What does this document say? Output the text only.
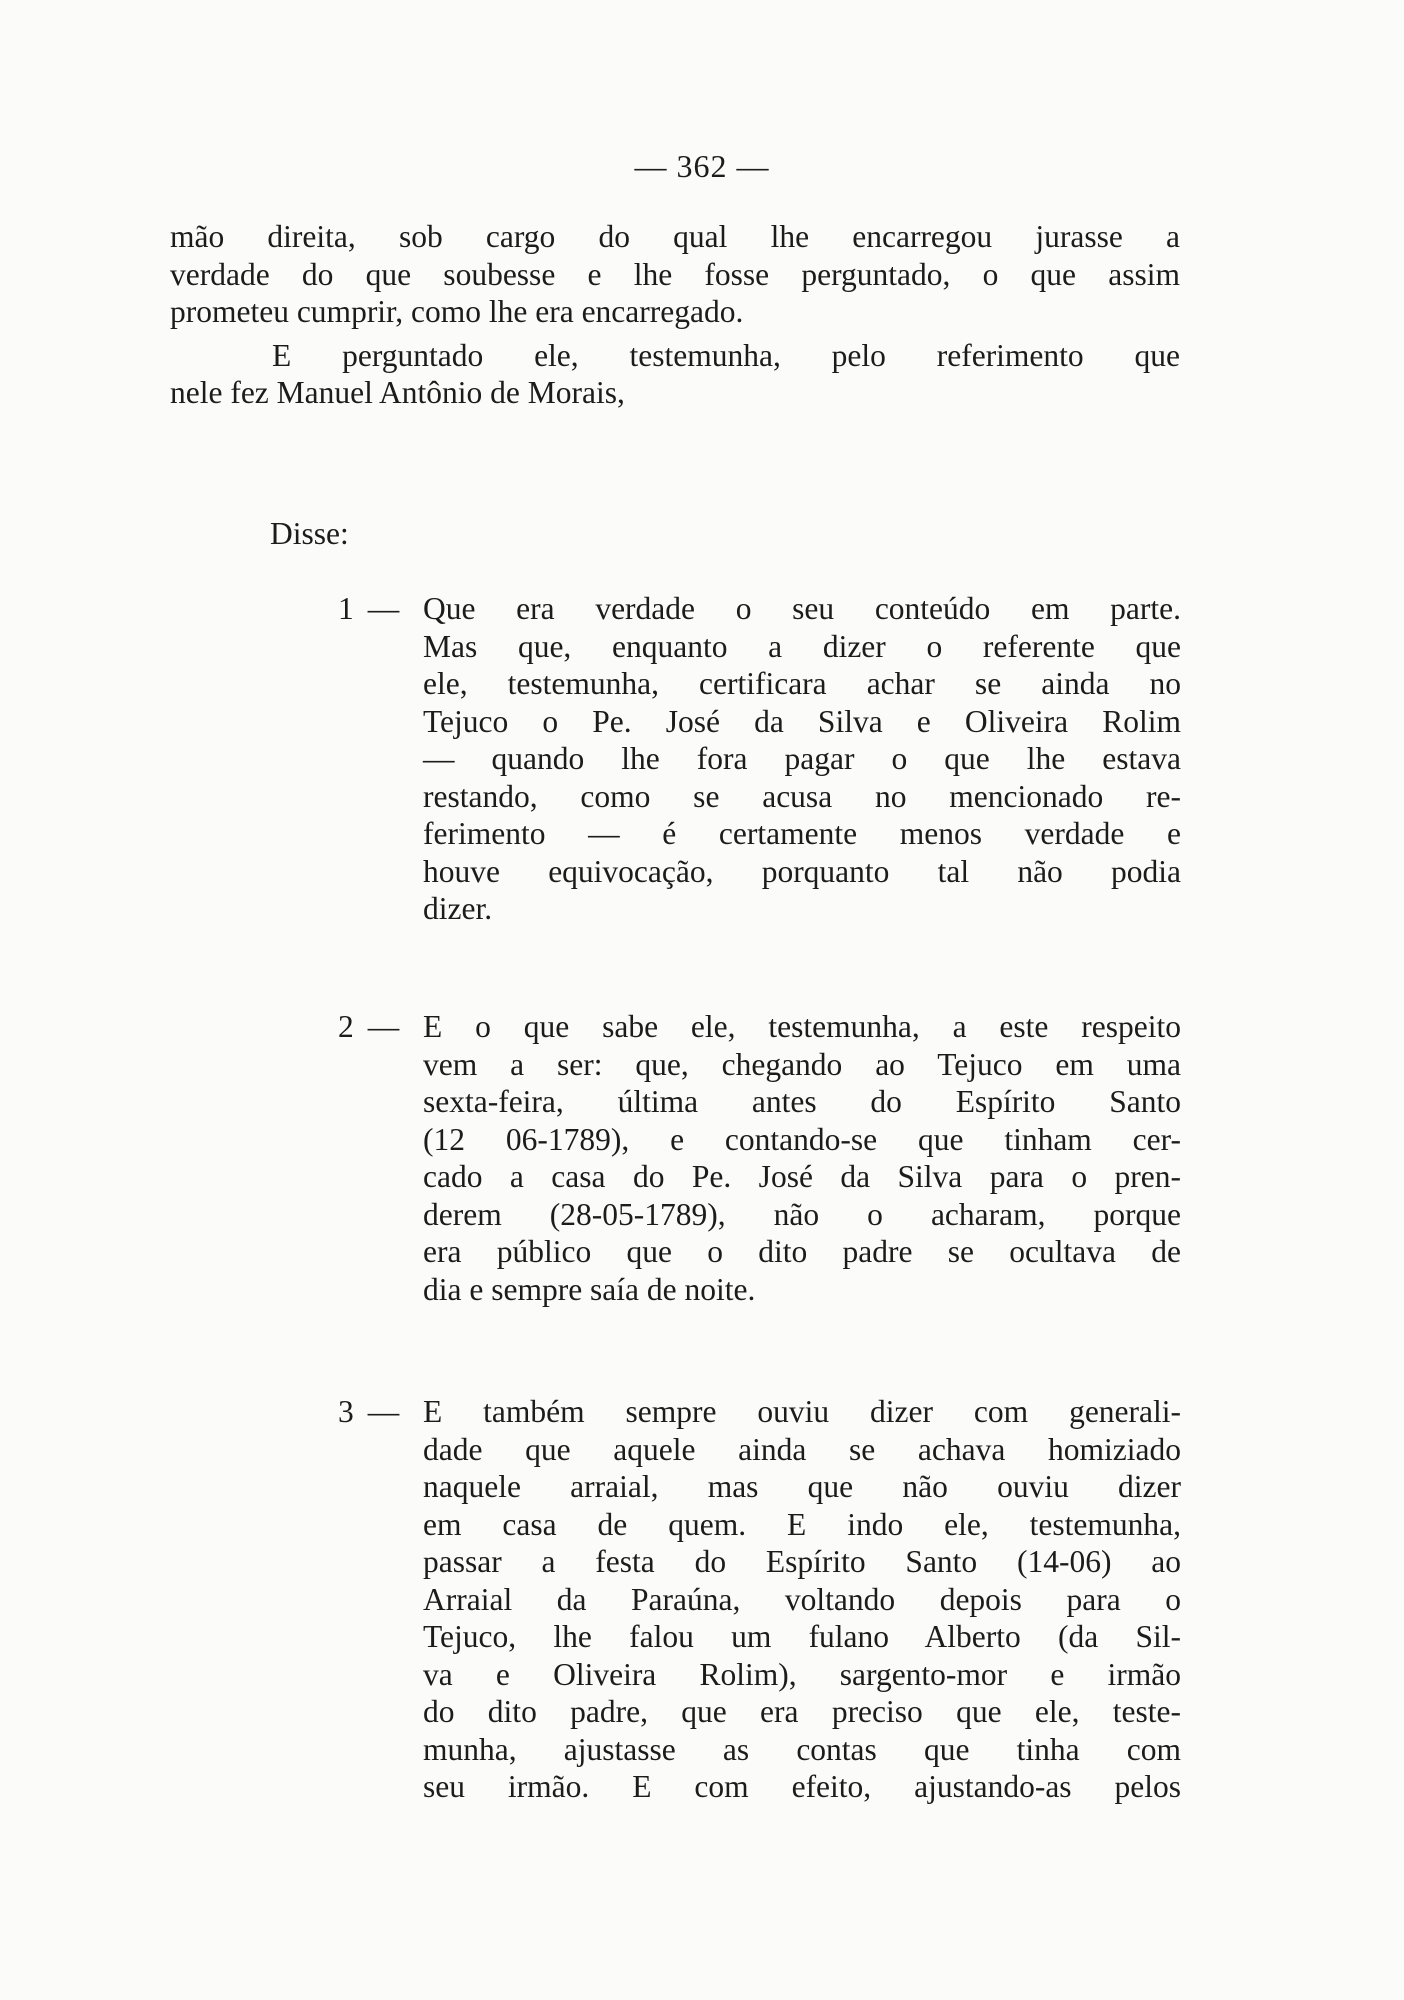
— 362 —
mão direita, sob cargo do qual lhe encarregou jurasse a
verdade do que soubesse e lhe fosse perguntado, o que assim
prometeu cumprir, como lhe era encarregado.
E perguntado ele, testemunha, pelo referimento que
nele fez Manuel Antônio de Morais,
Disse:
1 — Que era verdade o seu conteúdo em parte.
Mas que, enquanto a dizer o referente que
ele, testemunha, certificara achar se ainda no
Tejuco o Pe. José da Silva e Oliveira Rolim
— quando lhe fora pagar o que lhe estava
restando, como se acusa no mencionado re-
ferimento — é certamente menos verdade e
houve equivocação, porquanto tal não podia
dizer.
2 — E o que sabe ele, testemunha, a este respeito
vem a ser: que, chegando ao Tejuco em uma
sexta-feira, última antes do Espírito Santo
(12 06-1789), e contando-se que tinham cer-
cado a casa do Pe. José da Silva para o pren-
derem (28-05-1789), não o acharam, porque
era público que o dito padre se ocultava de
dia e sempre saía de noite.
3 — E também sempre ouviu dizer com generali-
dade que aquele ainda se achava homiziado
naquele arraial, mas que não ouviu dizer
em casa de quem. E indo ele, testemunha,
passar a festa do Espírito Santo (14-06) ao
Arraial da Paraúna, voltando depois para o
Tejuco, lhe falou um fulano Alberto (da Sil-
va e Oliveira Rolim), sargento-mor e irmão
do dito padre, que era preciso que ele, teste-
munha, ajustasse as contas que tinha com
seu irmão. E com efeito, ajustando-as pelos
